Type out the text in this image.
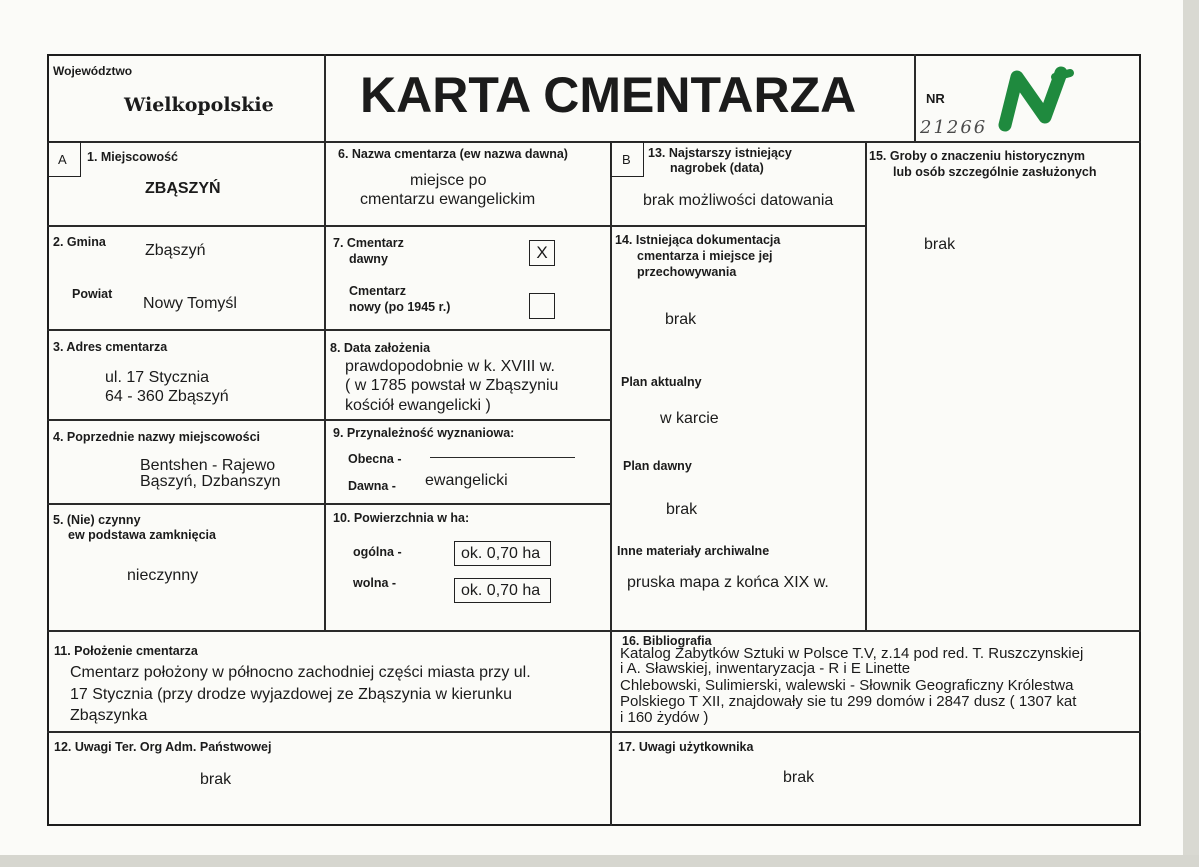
Województwo
Wielkopolskie KARTA CMENTARZA	NR
21266
A 1. Miejscowość
ZBĄSZYŃ
2. Gmina Zbąszyń
Powiat
Nowy Tomyśl
3. Adres cmentarza
ul. 17 Stycznia
64 - 360 Zbąszyń
4. Poprzednie nazwy miejscowości
Bentshen - Rajewo
Bąszyń, Dzbanszyn
5. (Nie) czynny
ew podstawa zamknięcia
nieczynny
6. Nazwa cmentarza (ew nazwa dawna)
miejsce po
cmentarzu ewangelickim
7. Cmentarz
dawny	X
Cmentarz
nowy (po 1945 r.)
8. Data założenia
prawdopodobnie w k. XVIII w.
( w 1785 powstał w Zbąszyniu
kościół ewangelicki )
9. Przynależność wyznaniowa:
Obecna -
Dawna - ewangelicki
10. Powierzchnia w ha:
ogólna -	ok. 0,70 ha
wolna -	ok. 0,70 ha
B 13. Najstarszy istniejący
nagrobek (data)
brak możliwości datowania
14. Istniejąca dokumentacja
cmentarza i miejsce jej
przechowywania
brak
Plan aktualny
w karcie
Plan dawny
brak
Inne materiały archiwalne
pruska mapa z końca XIX w.
15. Groby o znaczeniu historycznym
lub osób szczególnie zasłużonych
brak
11. Położenie cmentarza
Cmentarz położony w północno zachodniej części miasta przy ul.
17 Stycznia (przy drodze wyjazdowej ze Zbąszynia w kierunku
Zbąszynka
16. Bibliografia
Katalog Zabytków Sztuki w Polsce T.V, z.14 pod red. T. Ruszczynskiej
i A. Sławskiej, inwentaryzacja - R i E Linette
Chlebowski, Sulimierski, walewski - Słownik Geograficzny Królestwa
Polskiego T XII, znajdowały sie tu 299 domów i 2847 dusz ( 1307 kat
i 160 żydów )
12. Uwagi Ter. Org Adm. Państwowej
brak
17. Uwagi użytkownika
brak
